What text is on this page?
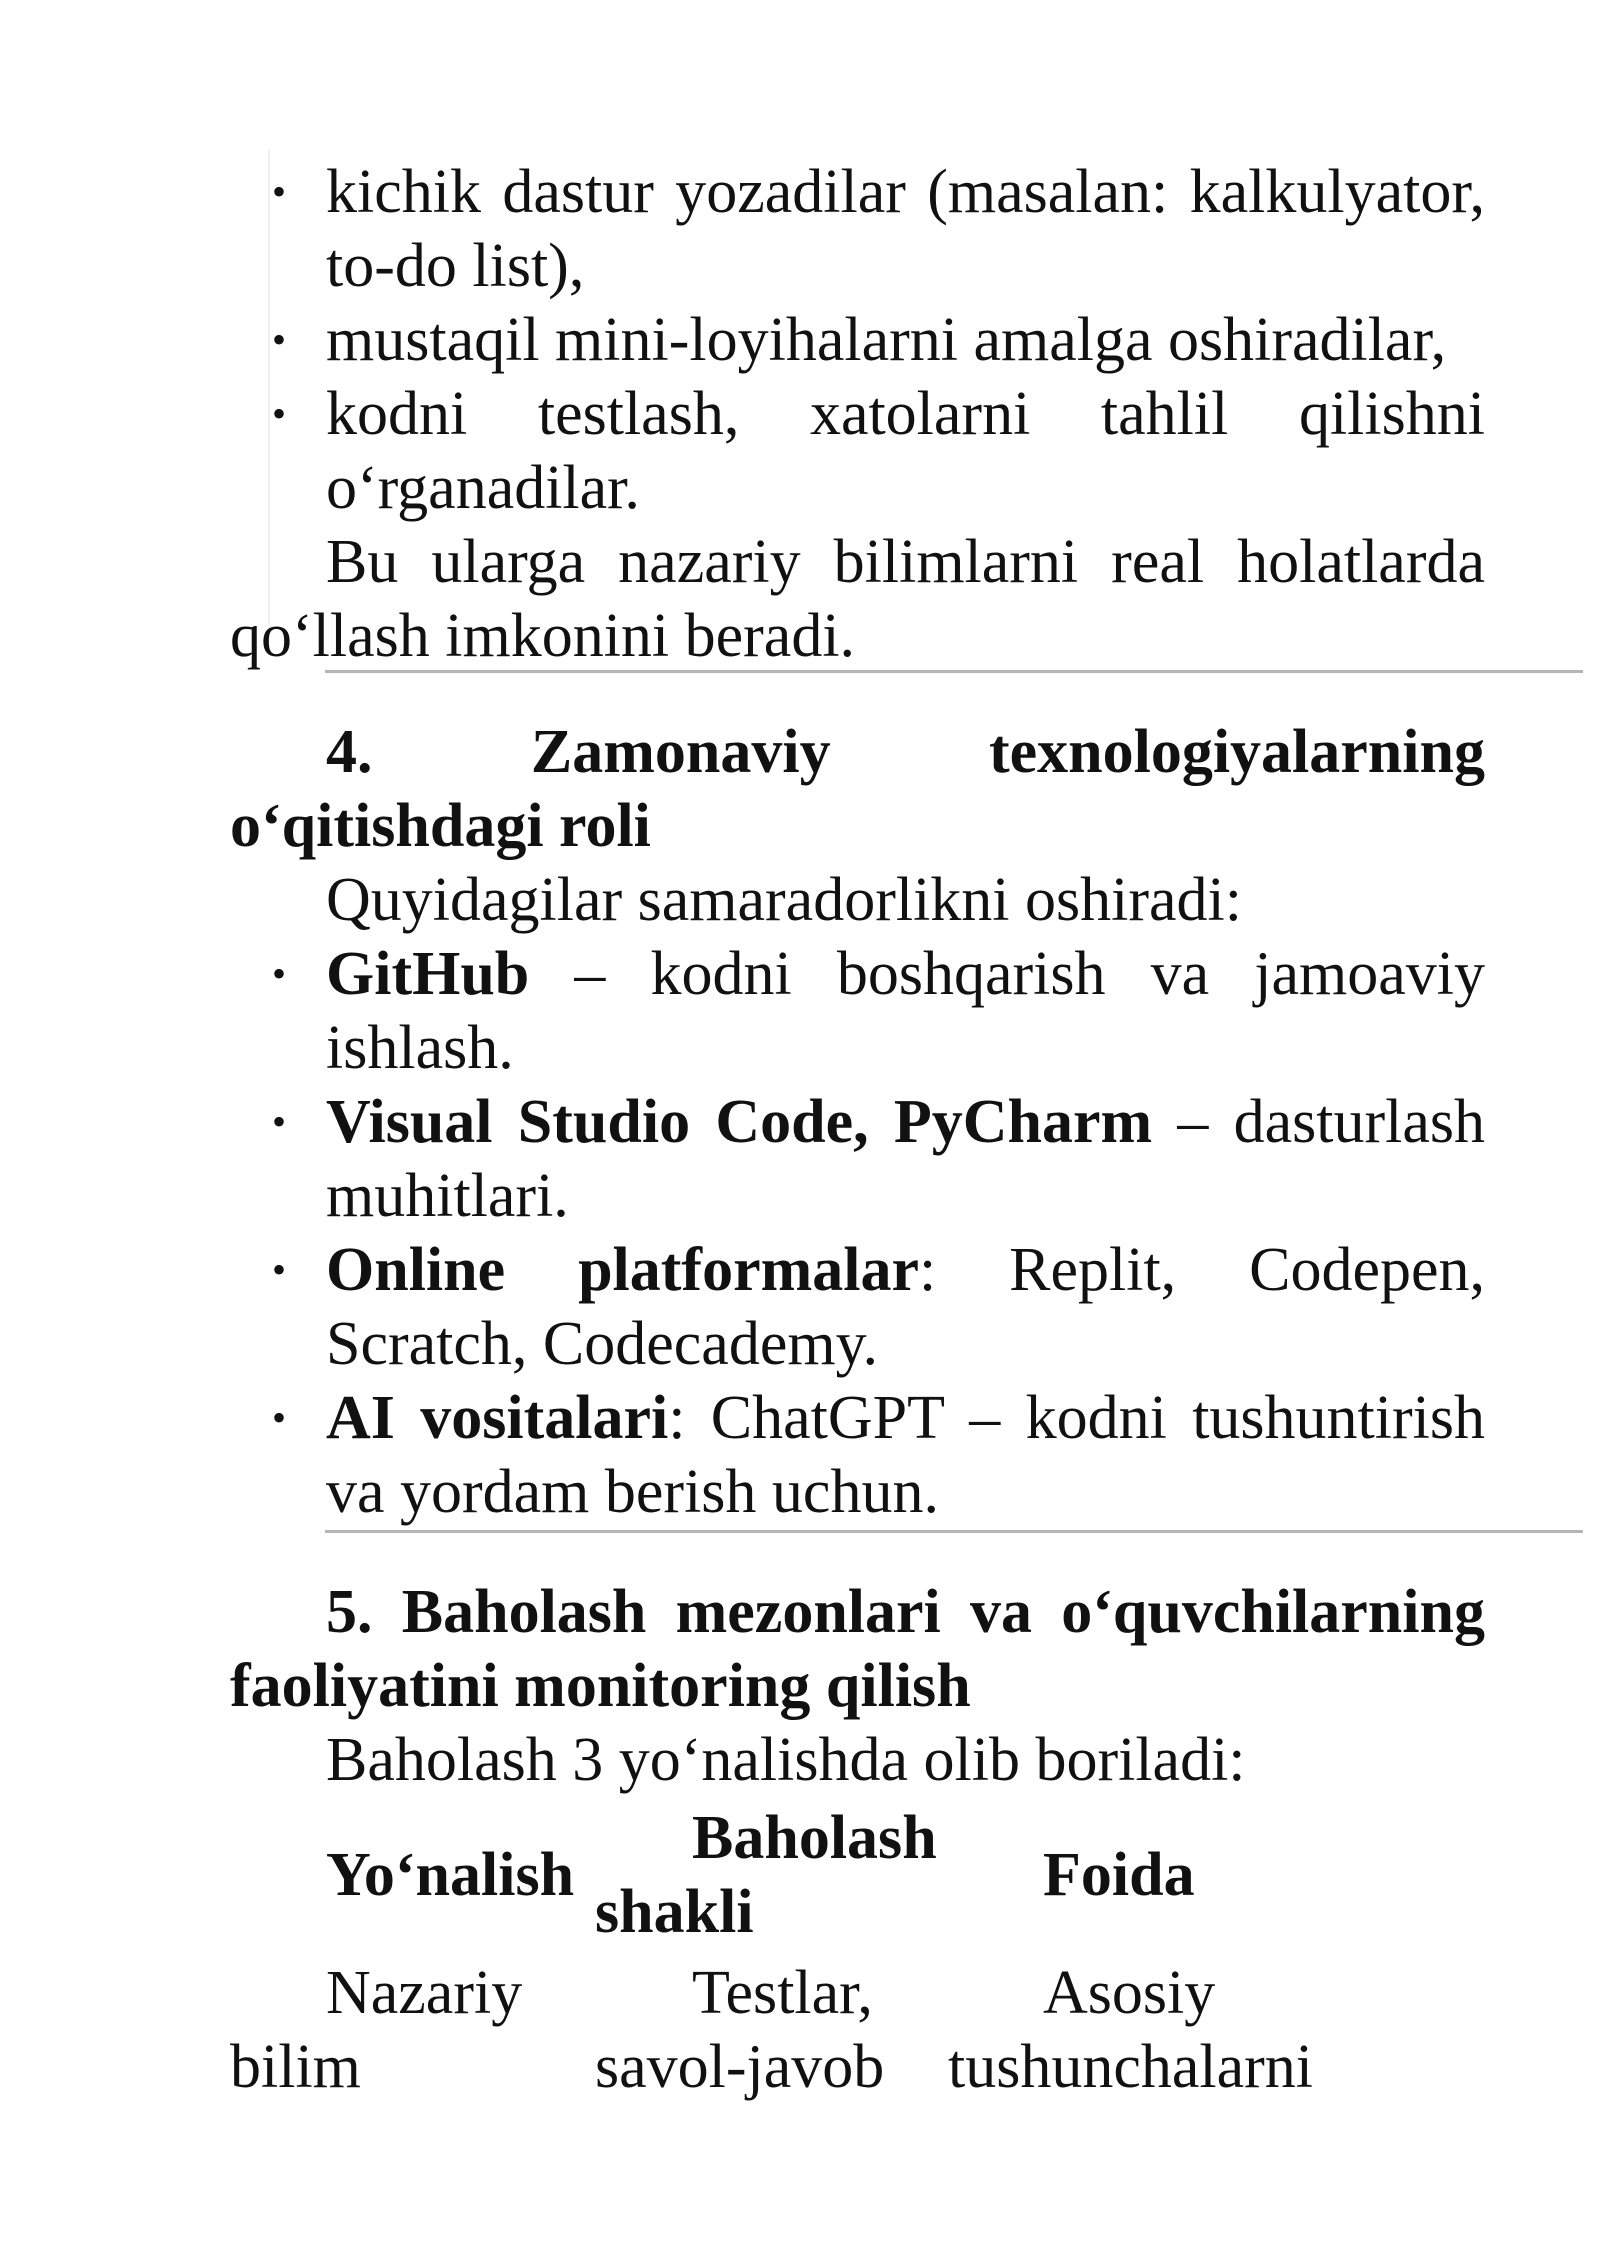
• kichik dastur yozadilar (masalan: kalkulyator, to-do list),
• mustaqil mini-loyihalarni amalga oshiradilar,
• kodni testlash, xatolarni tahlil qilishni o‘rganadilar.

Bu ularga nazariy bilimlarni real holatlarda qo‘llash imkonini beradi.

4. Zamonaviy texnologiyalarning o‘qitishdagi roli

Quyidagilar samaradorlikni oshiradi:

• GitHub – kodni boshqarish va jamoaviy ishlash.
• Visual Studio Code, PyCharm – dasturlash muhitlari.
• Online platformalar: Replit, Codepen, Scratch, Codecademy.
• AI vositalari: ChatGPT – kodni tushuntirish va yordam berish uchun.

5. Baholash mezonlari va o‘quvchilarning faoliyatini monitoring qilish

Baholash 3 yo‘nalishda olib boriladi:

Yo‘nalish
Baholash
shakli
Foida
Nazariy
bilim
Testlar,
savol-javob
Asosiy
tushunchalarni
